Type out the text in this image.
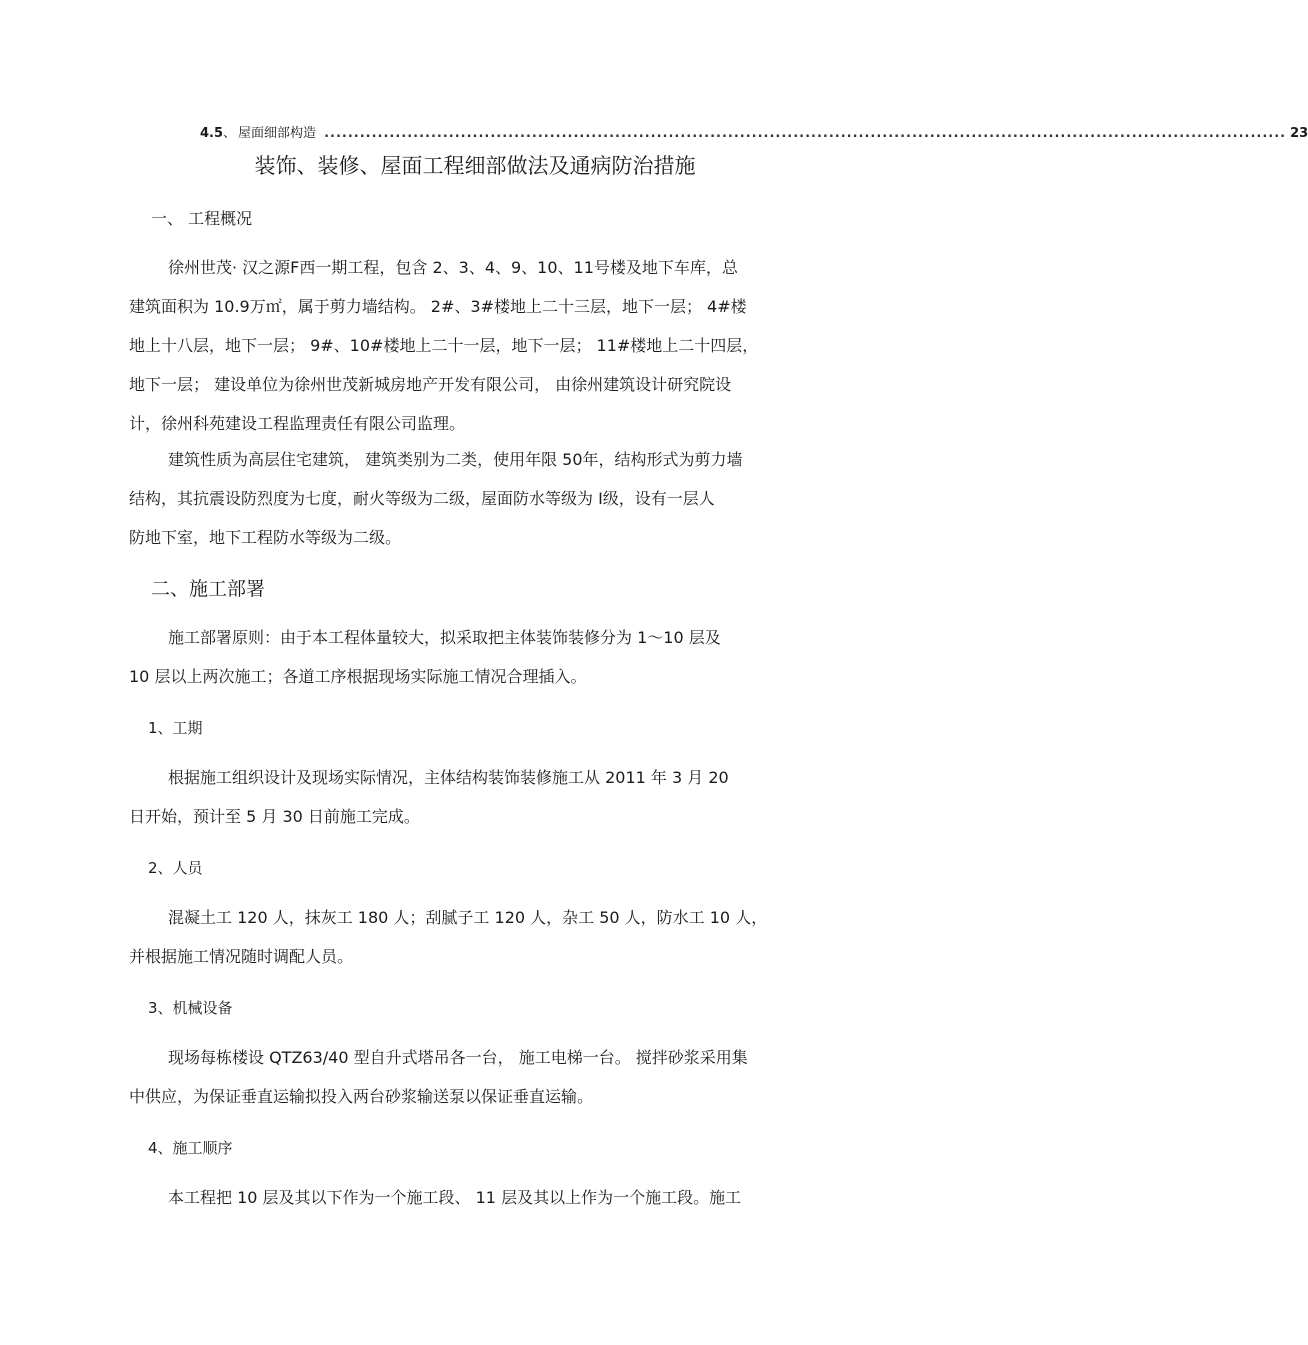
4.5 、 屋面细部构造 .................................................................................................................................................................. 23
装饰、装修、屋面工程细部做法及通病防治措施
一、 工程概况
徐州世茂· 汉之源F西一期工程，包含 2、3、4、9、10、11号楼及地下车库，总
建筑面积为 10.9万㎡，属于剪力墙结构。 2#、3#楼地上二十三层，地下一层； 4#楼
地上十八层，地下一层； 9#、10#楼地上二十一层，地下一层； 11#楼地上二十四层，
地下一层； 建设单位为徐州世茂新城房地产开发有限公司， 由徐州建筑设计研究院设
计，徐州科苑建设工程监理责任有限公司监理。
建筑性质为高层住宅建筑， 建筑类别为二类，使用年限 50年，结构形式为剪力墙
结构，其抗震设防烈度为七度，耐火等级为二级，屋面防水等级为 Ⅰ级，设有一层人
防地下室，地下工程防水等级为二级。
二、施工部署
施工部署原则：由于本工程体量较大，拟采取把主体装饰装修分为 1～10 层及
10 层以上两次施工；各道工序根据现场实际施工情况合理插入。
1、工期
根据施工组织设计及现场实际情况，主体结构装饰装修施工从 2011 年 3 月 20
日开始，预计至 5 月 30 日前施工完成。
2、人员
混凝土工 120 人，抹灰工 180 人；刮腻子工 120 人，杂工 50 人，防水工 10 人，
并根据施工情况随时调配人员。
3、机械设备
现场每栋楼设 QTZ63/40 型自升式塔吊各一台， 施工电梯一台。 搅拌砂浆采用集
中供应，为保证垂直运输拟投入两台砂浆输送泵以保证垂直运输。
4、施工顺序
本工程把 10 层及其以下作为一个施工段、 11 层及其以上作为一个施工段。施工
